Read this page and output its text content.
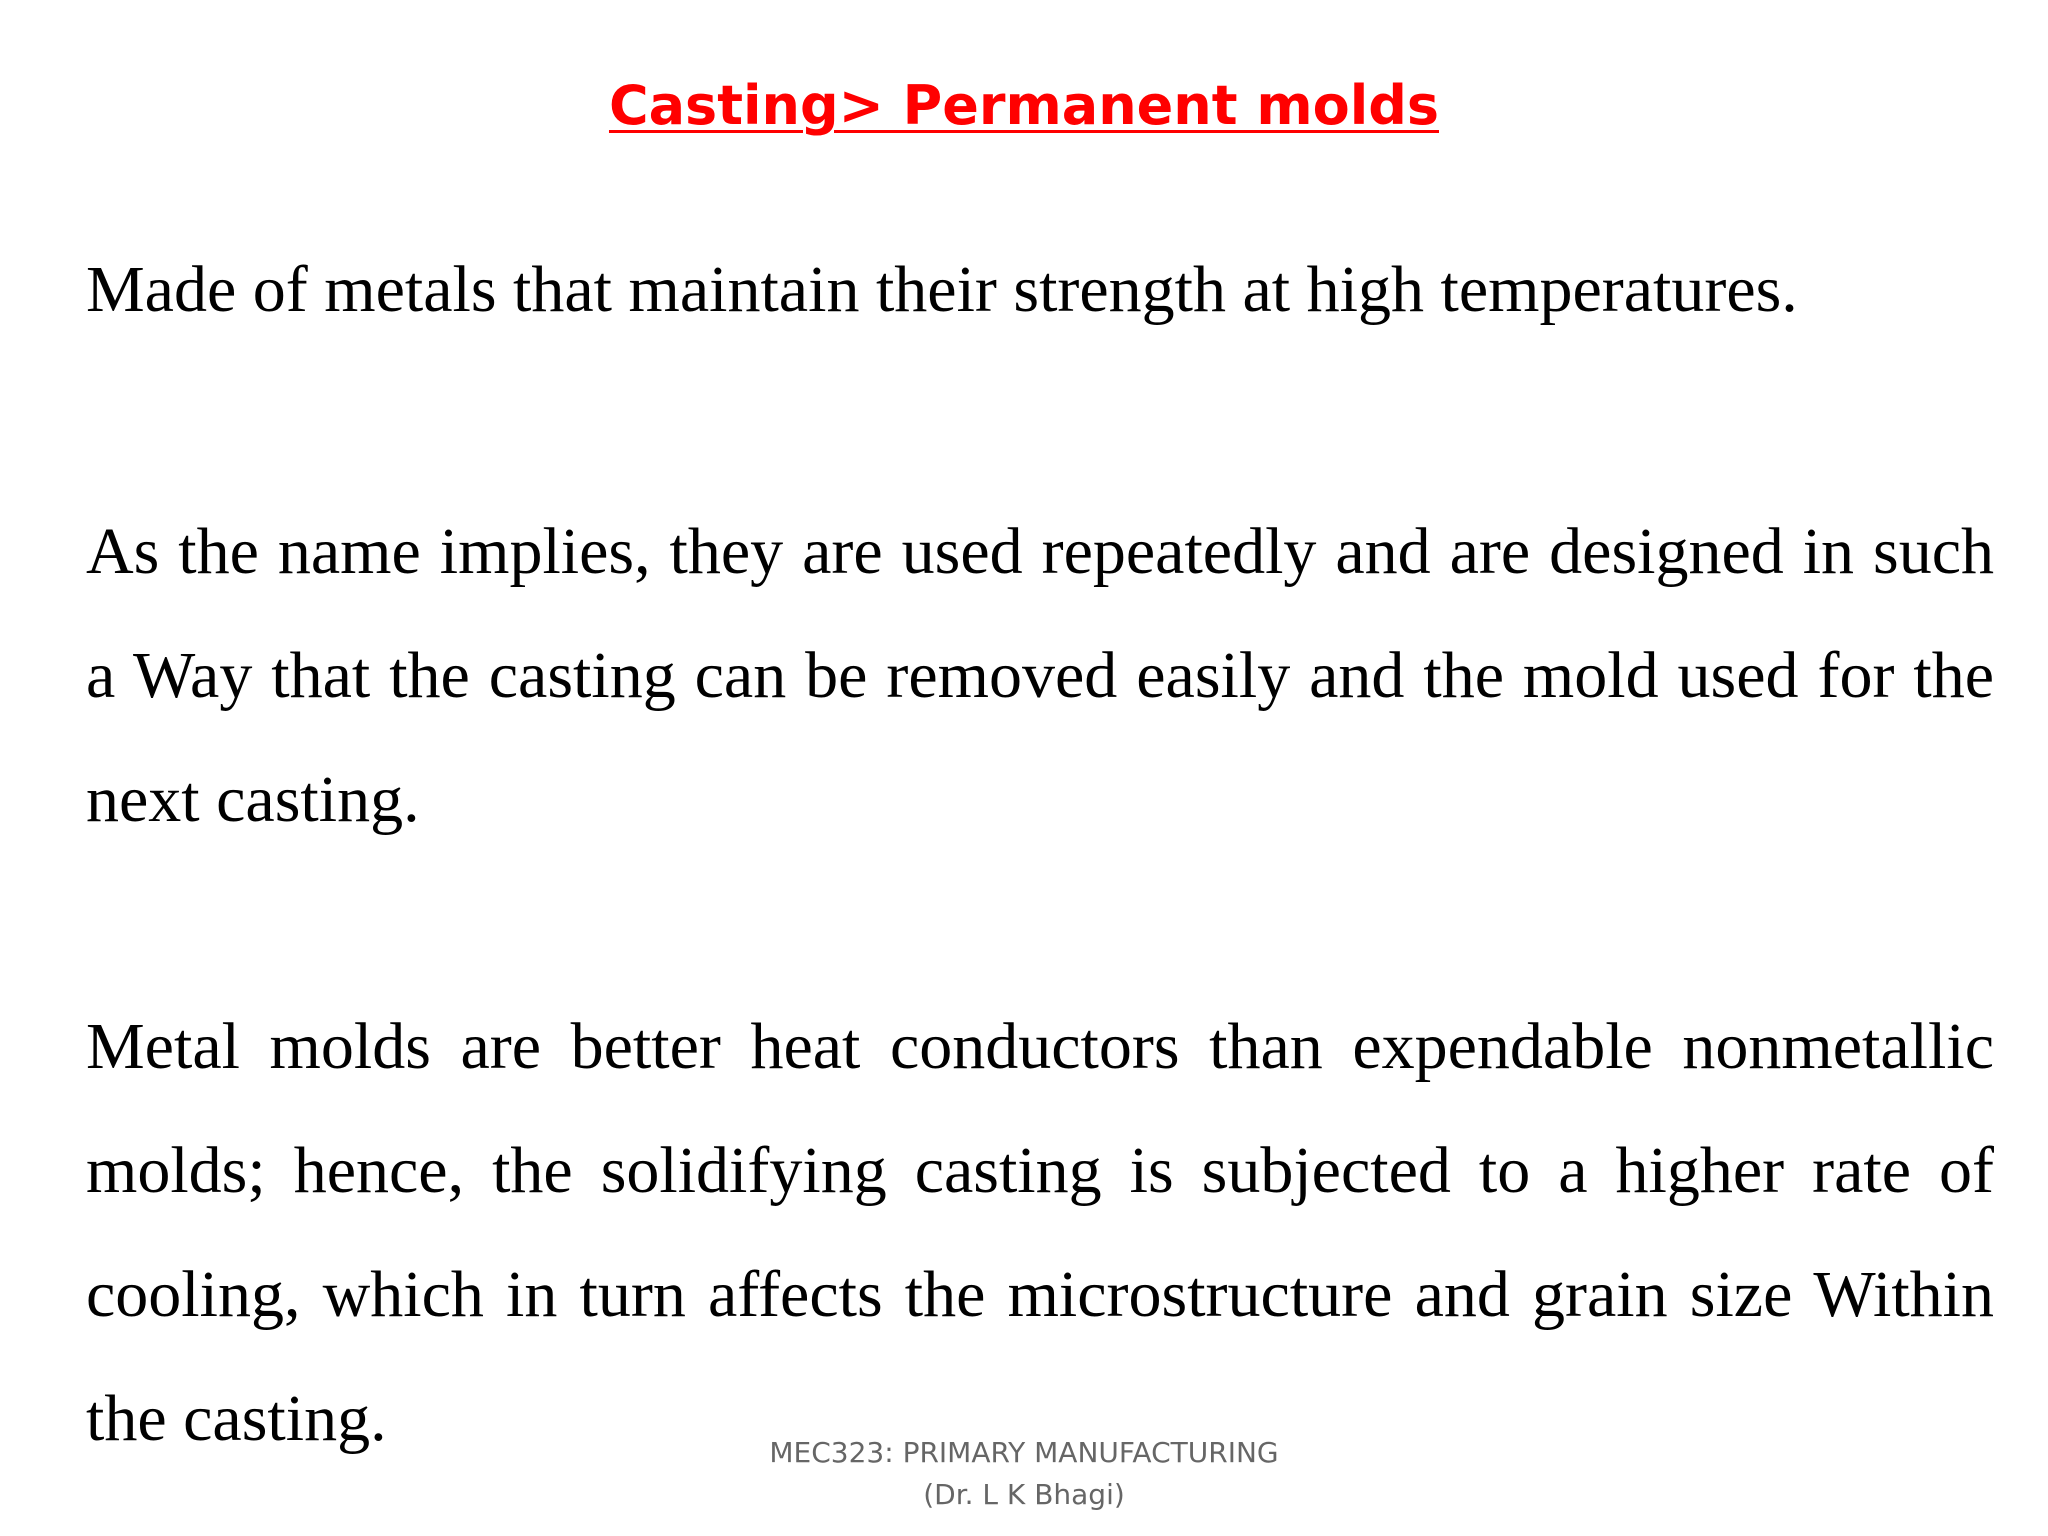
Casting> Permanent molds

Made of metals that maintain their strength at high temperatures.

As the name implies, they are used repeatedly and are designed in such a Way that the casting can be removed easily and the mold used for the next casting.

Metal molds are better heat conductors than expendable nonmetallic molds; hence, the solidifying casting is subjected to a higher rate of cooling, which in turn affects the microstructure and grain size Within the casting.	MEC323: PRIMARY MANUFACTURING
(Dr. L K Bhagi)
